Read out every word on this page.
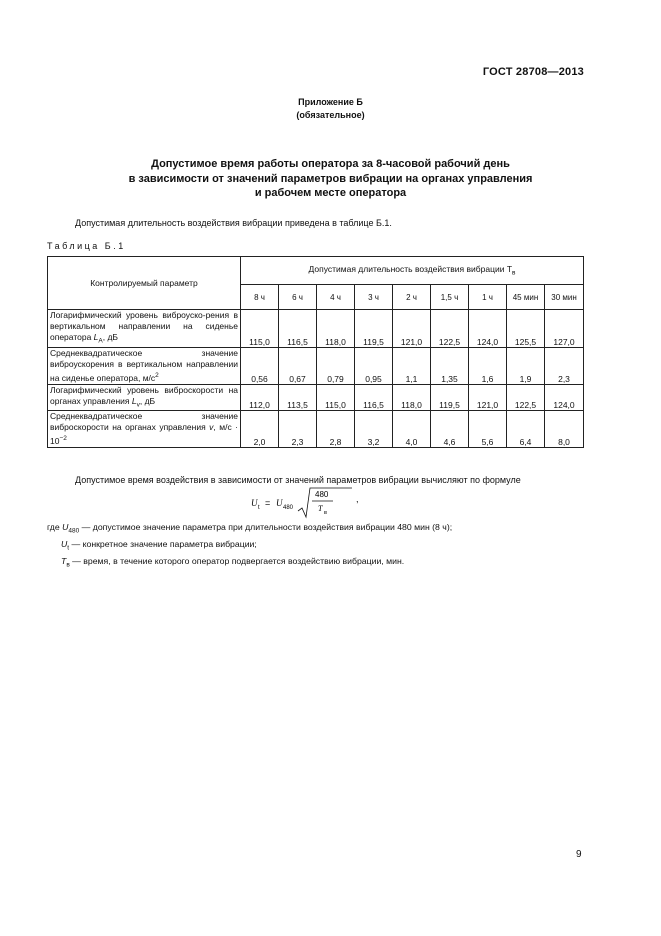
ГОСТ 28708—2013
Приложение Б
(обязательное)
Допустимое время работы оператора за 8-часовой рабочий день
в зависимости от значений параметров вибрации на органах управления
и рабочем месте оператора
Допустимая длительность воздействия вибрации приведена в таблице Б.1.
Таблица Б.1
Контролируемый параметр	Допустимая длительность воздействия вибрации $T_в$
	8 ч	6 ч	4 ч	3 ч	2 ч	1,5 ч	1 ч	45 мин	30 мин
Логарифмический уровень виброуско-рения в вертикальном направлении на сиденье оператора $L_A$, дБ	115,0	116,5	118,0	119,5	121,0	122,5	124,0	125,5	127,0
Среднеквадратическое значение виброускорения в вертикальном направлении на сиденье оператора, $м/с^2$	0,56	0,67	0,79	0,95	1,1	1,35	1,6	1,9	2,3
Логарифмический уровень виброскорости на органах управления $L_v$, дБ	112,0	113,5	115,0	116,5	118,0	119,5	121,0	122,5	124,0
Среднеквадратическое значение виброскорости на органах управления v, $м/с \cdot 10^{-2}$	2,0	2,3	2,8	3,2	4,0	4,6	5,6	6,4	8,0
Допустимое время воздействия в зависимости от значений параметров вибрации вычисляют по формуле
U t = U 480
480
T в
,
где $U_{480}$ — допустимое значение параметра при длительности воздействия вибрации 480 мин (8 ч);
$U_t$ — конкретное значение параметра вибрации;
$T_в$ — время, в течение которого оператор подвергается воздействию вибрации, мин.
9
